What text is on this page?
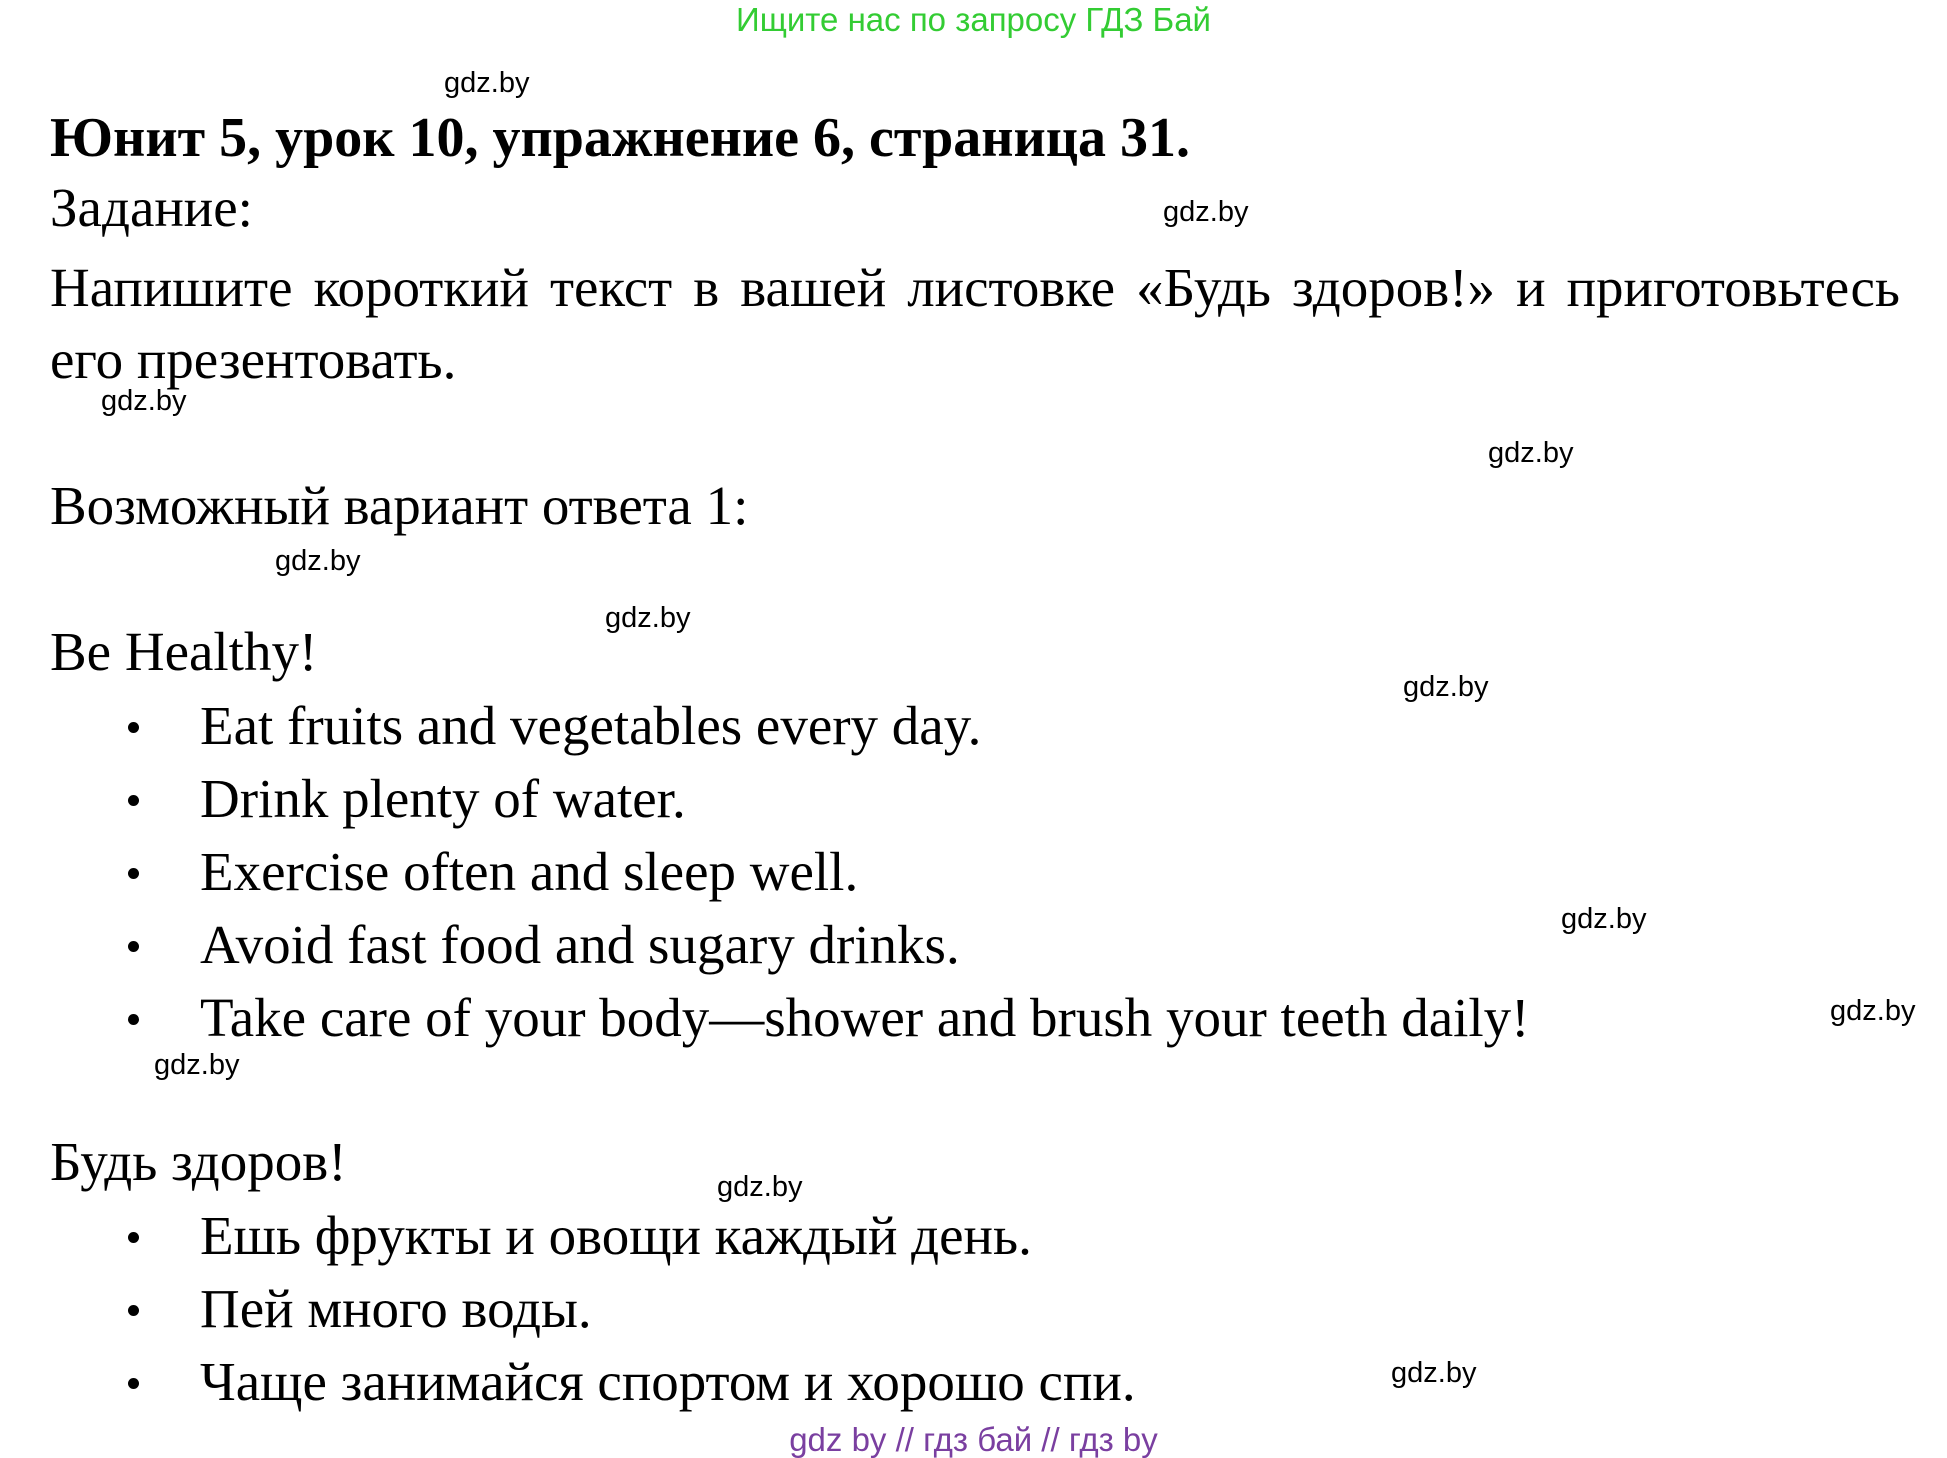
Ищите нас по запросу ГДЗ Бай
Юнит 5, урок 10, упражнение 6, страница 31.
Задание:
Напишите короткий текст в вашей листовке «Будь здоров!» и приготовьтесь его презентовать.
Возможный вариант ответа 1:
Be Healthy!
Eat fruits and vegetables every day.
Drink plenty of water.
Exercise often and sleep well.
Avoid fast food and sugary drinks.
Take care of your body—shower and brush your teeth daily!
Будь здоров!
Ешь фрукты и овощи каждый день.
Пей много воды.
Чаще занимайся спортом и хорошо спи.
gdz.by
gdz.by
gdz.by
gdz.by
gdz.by
gdz.by
gdz.by
gdz.by
gdz.by
gdz.by
gdz.by
gdz.by
gdz by // гдз бай // гдз by
